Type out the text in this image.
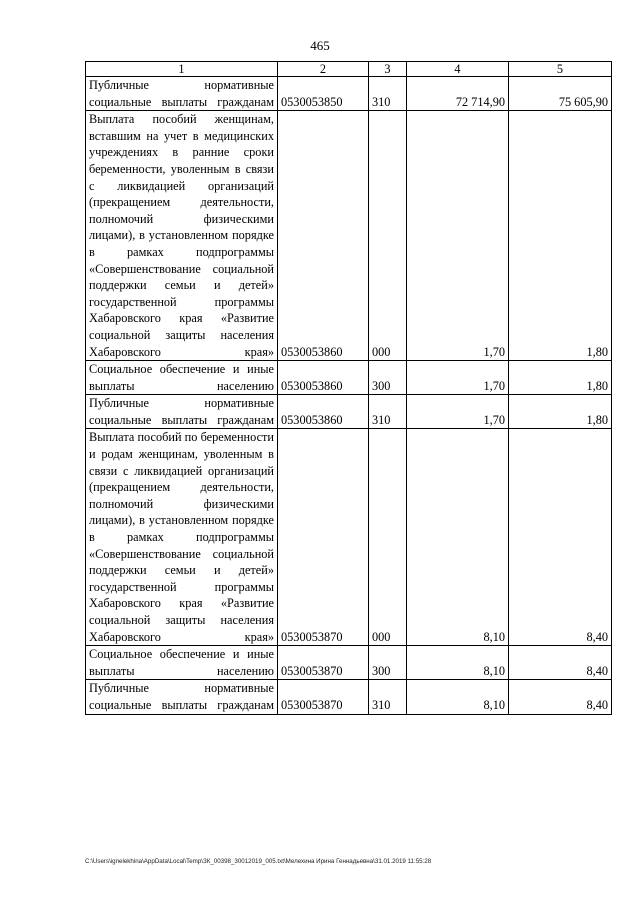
465
1	2	3	4	5
Публичные нормативные социальные выплаты гражданам	0530053850	310	72 714,90	75 605,90
Выплата пособий женщинам, вставшим на учет в медицинских учреждениях в ранние сроки беременности, уволенным в связи с ликвидацией организаций (прекращением деятельности, полномочий физическими лицами), в установленном порядке в рамках подпрограммы «Совершенствование социальной поддержки семьи и детей» государственной программы Хабаровского края «Развитие социальной защиты населения Хабаровского края»	0530053860	000	1,70	1,80
Социальное обеспечение и иные выплаты населению	0530053860	300	1,70	1,80
Публичные нормативные социальные выплаты гражданам	0530053860	310	1,70	1,80
Выплата пособий по беременности и родам женщинам, уволенным в связи с ликвидацией организаций (прекращением деятельности, полномочий физическими лицами), в установленном порядке в рамках подпрограммы «Совершенствование социальной поддержки семьи и детей» государственной программы Хабаровского края «Развитие социальной защиты населения Хабаровского края»	0530053870	000	8,10	8,40
Социальное обеспечение и иные выплаты населению	0530053870	300	8,10	8,40
Публичные нормативные социальные выплаты гражданам	0530053870	310	8,10	8,40
C:\Users\ignelekhina\AppData\Local\Temp\ЗК_00398_30012019_005.txt\Мелехина Ирина Геннадьевна\31.01.2019 11:55:28
